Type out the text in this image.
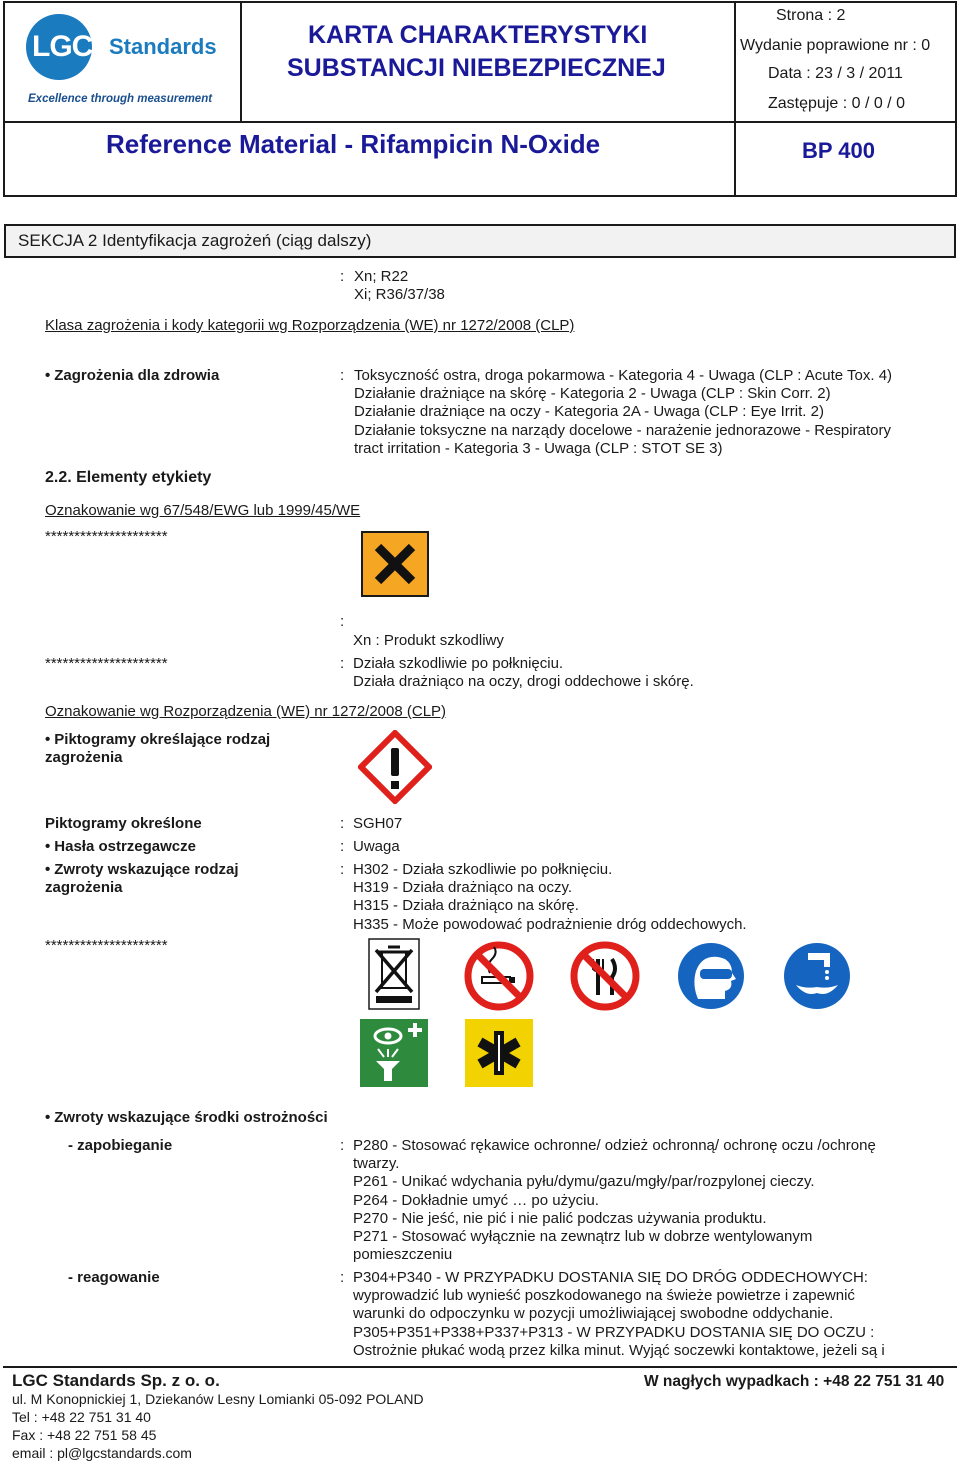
LGC Standards
Excellence through measurement
KARTA CHARAKTERYSTYKI
SUBSTANCJI NIEBEZPIECZNEJ
Strona : 2
Wydanie poprawione nr : 0
Data : 23 / 3 / 2011
Zastępuje : 0 / 0 / 0
Reference Material - Rifampicin N-Oxide	BP 400
SEKCJA 2 Identyfikacja zagrożeń (ciąg dalszy)
: Xn; R22
Xi; R36/37/38
Klasa zagrożenia i kody kategorii wg Rozporządzenia (WE) nr 1272/2008 (CLP)
• Zagrożenia dla zdrowia	: Toksyczność ostra, droga pokarmowa - Kategoria 4 - Uwaga (CLP : Acute Tox. 4)
Działanie drażniące na skórę - Kategoria 2 - Uwaga (CLP : Skin Corr. 2)
Działanie drażniące na oczy - Kategoria 2A - Uwaga (CLP : Eye Irrit. 2)
Działanie toksyczne na narządy docelowe - narażenie jednorazowe - Respiratory
tract irritation - Kategoria 3 - Uwaga (CLP : STOT SE 3)
2.2. Elementy etykiety
Oznakowanie wg 67/548/EWG lub 1999/45/WE
*********************
:
Xn : Produkt szkodliwy
*********************	: Działa szkodliwie po połknięciu.
Działa drażniąco na oczy, drogi oddechowe i skórę.
Oznakowanie wg Rozporządzenia (WE) nr 1272/2008 (CLP)
• Piktogramy określające rodzaj
zagrożenia
Piktogramy określone	: SGH07
• Hasła ostrzegawcze	: Uwaga
• Zwroty wskazujące rodzaj
zagrożenia
: H302 - Działa szkodliwie po połknięciu.
H319 - Działa drażniąco na oczy.
H315 - Działa drażniąco na skórę.
H335 - Może powodować podrażnienie dróg oddechowych.
*********************
• Zwroty wskazujące środki ostrożności
- zapobieganie	: P280 - Stosować rękawice ochronne/ odzież ochronną/ ochronę oczu /ochronę
twarzy.
P261 - Unikać wdychania pyłu/dymu/gazu/mgły/par/rozpylonej cieczy.
P264 - Dokładnie umyć … po użyciu.
P270 - Nie jeść, nie pić i nie palić podczas używania produktu.
P271 - Stosować wyłącznie na zewnątrz lub w dobrze wentylowanym
pomieszczeniu
- reagowanie	: P304+P340 - W PRZYPADKU DOSTANIA SIĘ DO DRÓG ODDECHOWYCH:
wyprowadzić lub wynieść poszkodowanego na świeże powietrze i zapewnić
warunki do odpoczynku w pozycji umożliwiającej swobodne oddychanie.
P305+P351+P338+P337+P313 - W PRZYPADKU DOSTANIA SIĘ DO OCZU :
Ostrożnie płukać wodą przez kilka minut. Wyjąć soczewki kontaktowe, jeżeli są i
LGC Standards Sp. z o. o.	W nagłych wypadkach : +48 22 751 31 40
ul. M Konopnickiej 1, Dziekanów Lesny Lomianki 05-092 POLAND
Tel : +48 22 751 31 40
Fax : +48 22 751 58 45
email : pl@lgcstandards.com
